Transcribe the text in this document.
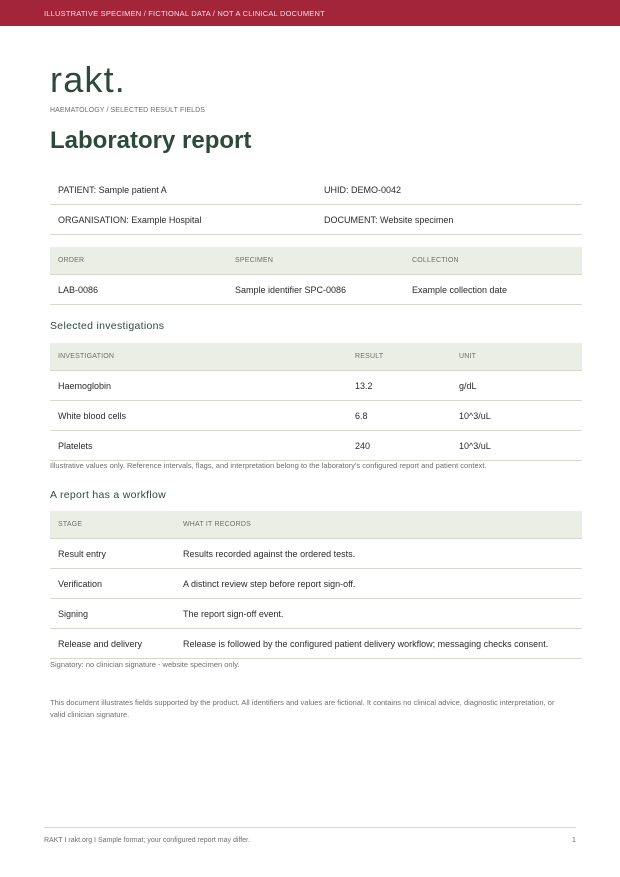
ILLUSTRATIVE SPECIMEN / FICTIONAL DATA / NOT A CLINICAL DOCUMENT
rakt.
HAEMATOLOGY / SELECTED RESULT FIELDS
Laboratory report
PATIENT: Sample patient A	UHID: DEMO-0042
ORGANISATION: Example Hospital	DOCUMENT: Website specimen
ORDER	SPECIMEN	COLLECTION
LAB-0086	Sample identifier SPC-0086	Example collection date
Selected investigations
INVESTIGATION	RESULT	UNIT
Haemoglobin	13.2	g/dL
White blood cells	6.8	10^3/uL
Platelets	240	10^3/uL
Illustrative values only. Reference intervals, flags, and interpretation belong to the laboratory's configured report and patient context.
A report has a workflow
STAGE	WHAT IT RECORDS
Result entry	Results recorded against the ordered tests.
Verification	A distinct review step before report sign-off.
Signing	The report sign-off event.
Release and delivery	Release is followed by the configured patient delivery workflow; messaging checks consent.
Signatory: no clinician signature - website specimen only.
This document illustrates fields supported by the product. All identifiers and values are fictional. It contains no clinical advice, diagnostic interpretation, or valid clinician signature.
RAKT I rakt.org I Sample format; your configured report may differ.	1
